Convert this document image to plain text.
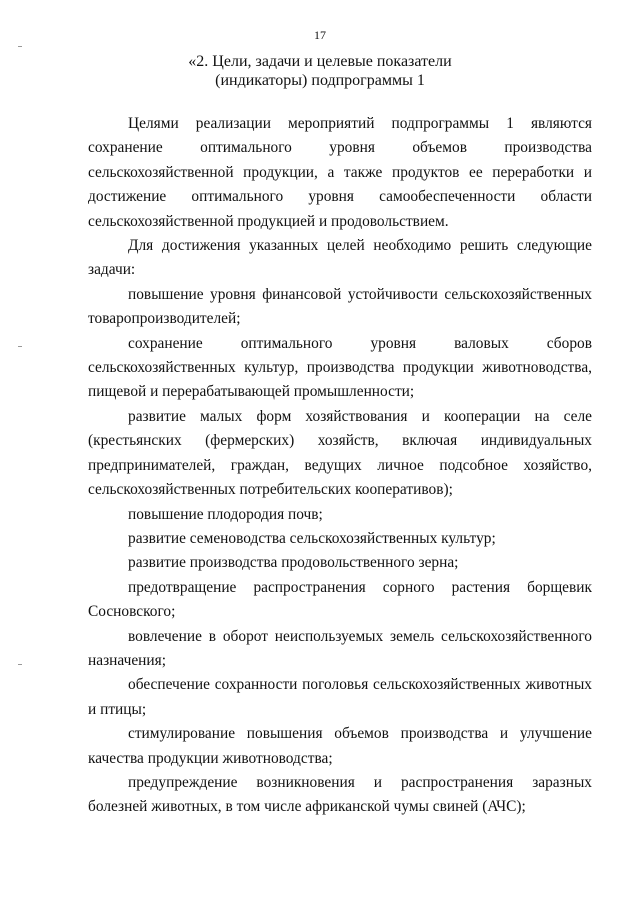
17
«2. Цели, задачи и целевые показатели
(индикаторы) подпрограммы 1

Целями реализации мероприятий подпрограммы 1 являются сохранение оптимального уровня объемов производства сельскохозяйственной продукции, а также продуктов ее переработки и достижение оптимального уровня самообеспеченности области сельскохозяйственной продукцией и продовольствием.

Для достижения указанных целей необходимо решить следующие задачи:

повышение уровня финансовой устойчивости сельскохозяйственных товаропроизводителей;

сохранение оптимального уровня валовых сборов сельскохозяйственных культур, производства продукции животноводства, пищевой и перерабатывающей промышленности;

развитие малых форм хозяйствования и кооперации на селе (крестьянских (фермерских) хозяйств, включая индивидуальных предпринимателей, граждан, ведущих личное подсобное хозяйство, сельскохозяйственных потребительских кооперативов);

повышение плодородия почв;

развитие семеноводства сельскохозяйственных культур;

развитие производства продовольственного зерна;

предотвращение распространения сорного растения борщевик Сосновского;

вовлечение в оборот неиспользуемых земель сельскохозяйственного назначения;

обеспечение сохранности поголовья сельскохозяйственных животных и птицы;

стимулирование повышения объемов производства и улучшение качества продукции животноводства;

предупреждение возникновения и распространения заразных болезней животных, в том числе африканской чумы свиней (АЧС);
